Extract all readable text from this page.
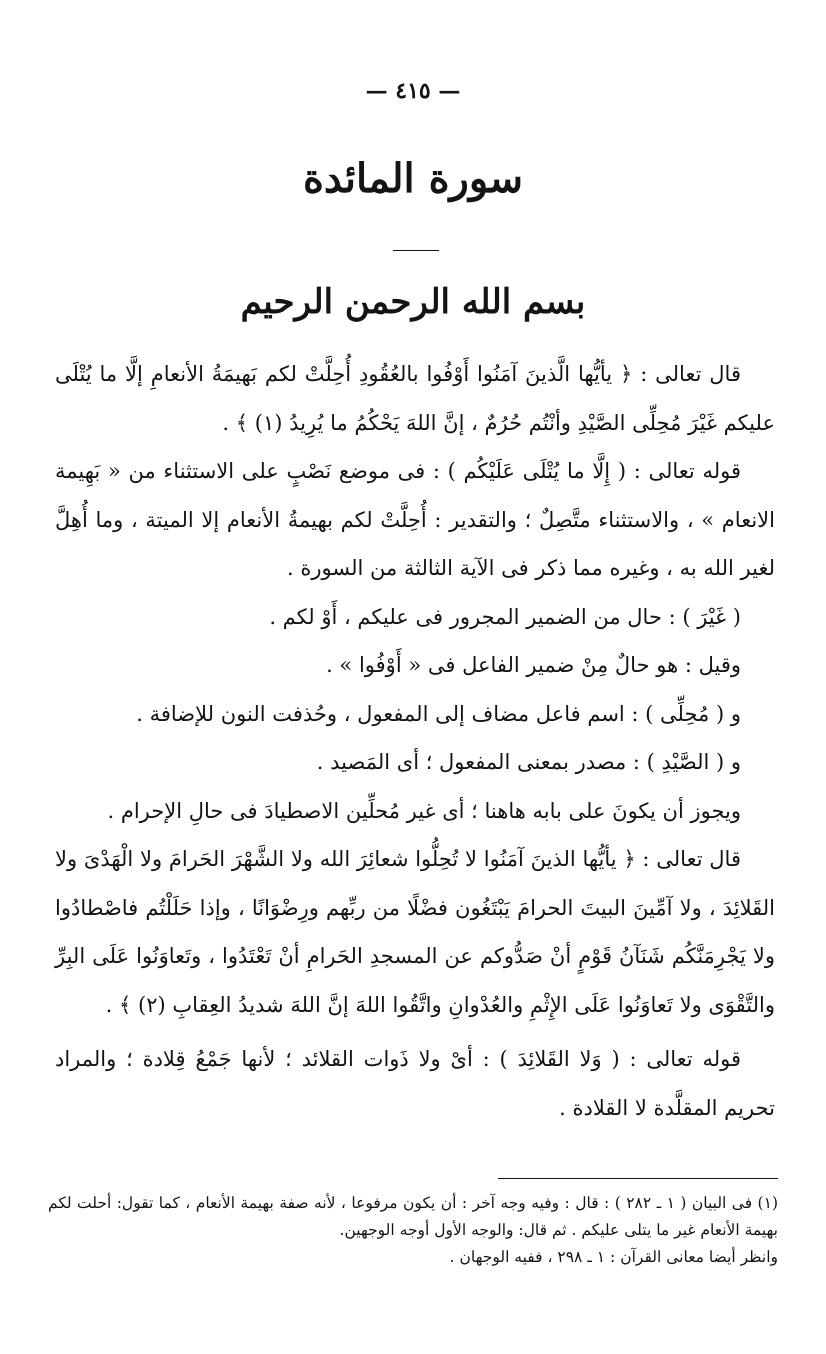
— ٤١٥ —
سورة المائدة
بسم الله الرحمن الرحيم

قال تعالى : ﴿ يأيُّها الَّذينَ آمَنُوا أَوْفُوا بالعُقُودِ أُحِلَّتْ لكم بَهيمَةُ الأنعامِ إلَّا ما يُتْلَى عليكم غَيْرَ مُحِلِّى الصَّيْدِ وأنْتُم حُرُمٌ ، إنَّ اللهَ يَحْكُمُ ما يُرِيدُ (١) ﴾ .

قوله تعالى : ( إِلَّا ما يُتْلَى عَلَيْكُم ) : فى موضع نَصْبٍ على الاستثناء من « بَهِيمة الانعام » ، والاستثناء متَّصِلٌ ؛ والتقدير : أُحِلَّتْ لكم بهيمةُ الأنعام إلا الميتة ، وما أُهِلَّ لغير الله به ، وغيره مما ذكر فى الآية الثالثة من السورة .

( غَيْرَ ) : حال من الضمير المجرور فى عليكم ، أَوْ لكم .

وقيل : هو حالٌ مِنْ ضمير الفاعل فى « أَوْفُوا » .

و ( مُحِلِّى ) : اسم فاعل مضاف إلى المفعول ، وحُذفت النون للإضافة .

و ( الصَّيْدِ ) : مصدر بمعنى المفعول ؛ أى المَصيد .

ويجوز أن يكونَ على بابه هاهنا ؛ أى غير مُحلِّين الاصطيادَ فى حالِ الإحرام .

قال تعالى : ﴿ يأيُّها الذينَ آمَنُوا لا تُحِلُّوا شعائِرَ الله ولا الشَّهْرَ الحَرامَ ولا الْهَدْىَ ولا القَلائِدَ ، ولا آمِّينَ البيتَ الحرامَ يَبْتَغُون فضْلًا من ربِّهم ورِضْوَانًا ، وإذا حَلَلْتُم فاصْطادُوا ولا يَجْرِمَنَّكُم شَنَآنُ قَوْمٍ أنْ صَدُّوكم عن المسجدِ الحَرامِ أنْ تَعْتَدُوا ، وتَعاوَنُوا عَلَى البِرِّ والتَّقْوَى ولا تَعاوَنُوا عَلَى الإِثْمِ والعُدْوانِ واتَّقُوا اللهَ إنَّ اللهَ شديدُ العِقابِ (٢) ﴾ .

قوله تعالى : ( وَلا القَلائِدَ ) : أىْ ولا ذَوات القلائد ؛ لأنها جَمْعُ قِلادة ؛ والمراد تحريم المقلَّدة لا القلادة .

(١) فى البيان ( ١ ـ ٢٨٢ ) : قال : وفيه وجه آخر : أن يكون مرفوعا ، لأنه صفة بهيمة الأنعام ، كما تقول: أحلت لكم بهيمة الأنعام غير ما يتلى عليكم . ثم قال: والوجه الأول أوجه الوجهين.

وانظر أيضا معانى القرآن : ١ ـ ٢٩٨ ، ففيه الوجهان .
